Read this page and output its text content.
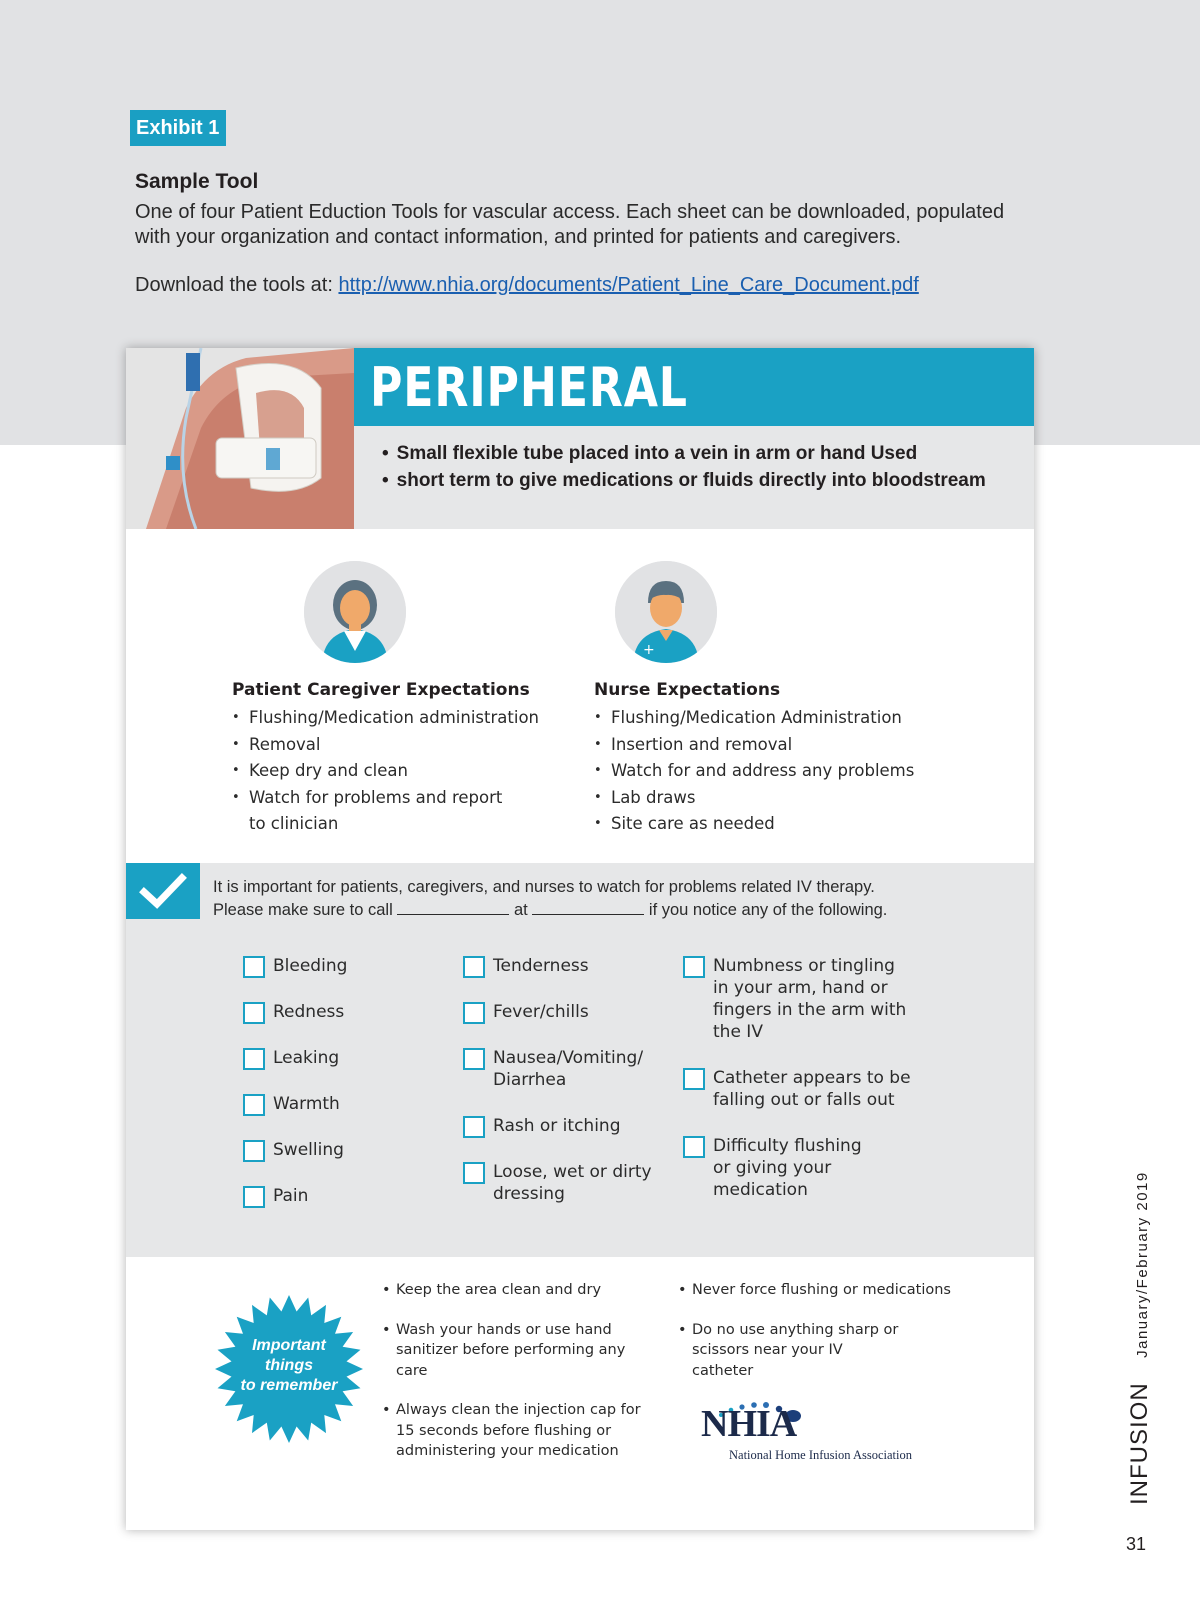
Exhibit 1
Sample Tool
One of four Patient Eduction Tools for vascular access. Each sheet can be downloaded, populated with your organization and contact information, and printed for patients and caregivers.
Download the tools at: http://www.nhia.org/documents/Patient_Line_Care_Document.pdf
PERIPHERAL
• Small flexible tube placed into a vein in arm or hand Used
• short term to give medications or fluids directly into bloodstream
+
Patient Caregiver Expectations
• Flushing/Medication administration
• Removal
• Keep dry and clean
• Watch for problems and report to clinician
Nurse Expectations
• Flushing/Medication Administration
• Insertion and removal
• Watch for and address any problems
• Lab draws
• Site care as needed
It is important for patients, caregivers, and nurses to watch for problems related IV therapy.
Please make sure to call	at	if you notice any of the following.
Bleeding
Redness
Leaking
Warmth
Swelling
Pain
Tenderness
Fever/chills
Nausea/Vomiting/ Diarrhea
Rash or itching
Loose, wet or dirty dressing
Numbness or tingling in your arm, hand or fingers in the arm with the IV
Catheter appears to be falling out or falls out
Difficulty flushing or giving your medication
Important
things
to remember
• Keep the area clean and dry
• Wash your hands or use hand sanitizer before performing any care
• Always clean the injection cap for 15 seconds before flushing or administering your medication
• Never force flushing or medications
• Do no use anything sharp or scissors near your IV catheter
NHIA
National Home Infusion Association	INFUSION January/February 2019
31
